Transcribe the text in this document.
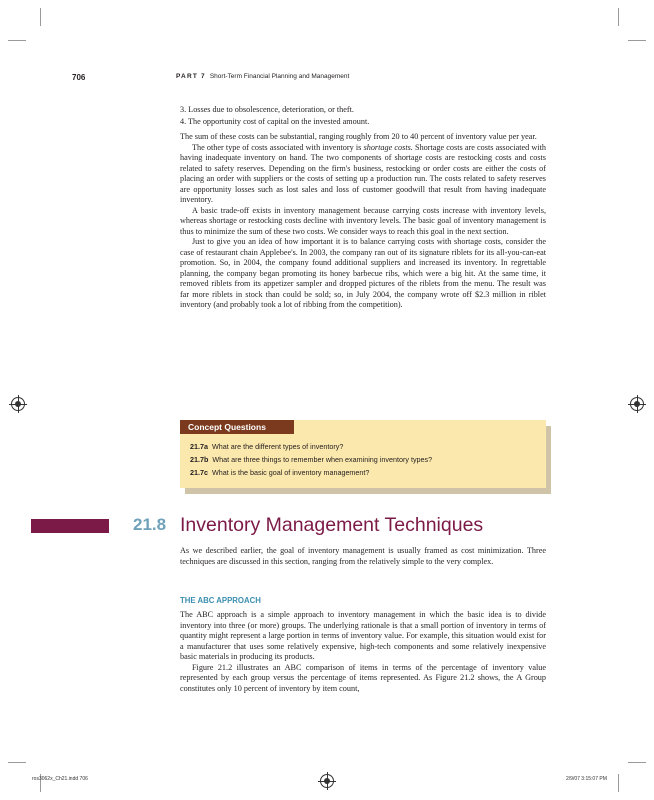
706	PART 7 Short-Term Financial Planning and Management
3. Losses due to obsolescence, deterioration, or theft.
4. The opportunity cost of capital on the invested amount.

The sum of these costs can be substantial, ranging roughly from 20 to 40 percent of inventory value per year.

The other type of costs associated with inventory is shortage costs. Shortage costs are costs associated with having inadequate inventory on hand. The two components of shortage costs are restocking costs and costs related to safety reserves. Depending on the firm's business, restocking or order costs are either the costs of placing an order with suppliers or the costs of setting up a production run. The costs related to safety reserves are opportunity losses such as lost sales and loss of customer goodwill that result from having inadequate inventory.

A basic trade-off exists in inventory management because carrying costs increase with inventory levels, whereas shortage or restocking costs decline with inventory levels. The basic goal of inventory management is thus to minimize the sum of these two costs. We consider ways to reach this goal in the next section.

Just to give you an idea of how important it is to balance carrying costs with shortage costs, consider the case of restaurant chain Applebee's. In 2003, the company ran out of its signature riblets for its all-you-can-eat promotion. So, in 2004, the company found additional suppliers and increased its inventory. In regrettable planning, the company began promoting its honey barbecue ribs, which were a big hit. At the same time, it removed riblets from its appetizer sampler and dropped pictures of the riblets from the menu. The result was far more riblets in stock than could be sold; so, in July 2004, the company wrote off $2.3 million in riblet inventory (and probably took a lot of ribbing from the competition).

Concept Questions
21.7a What are the different types of inventory?
21.7b What are three things to remember when examining inventory types?
21.7c What is the basic goal of inventory management?
21.8 Inventory Management Techniques

As we described earlier, the goal of inventory management is usually framed as cost minimization. Three techniques are discussed in this section, ranging from the relatively simple to the very complex.

THE ABC APPROACH

The ABC approach is a simple approach to inventory management in which the basic idea is to divide inventory into three (or more) groups. The underlying rationale is that a small portion of inventory in terms of quantity might represent a large portion in terms of inventory value. For example, this situation would exist for a manufacturer that uses some relatively expensive, high-tech components and some relatively inexpensive basic materials in producing its products.

Figure 21.2 illustrates an ABC comparison of items in terms of the percentage of inventory value represented by each group versus the percentage of items represented. As Figure 21.2 shows, the A Group constitutes only 10 percent of inventory by item count,

ros3062x_Ch21.indd 706	2/9/07 3:15:07 PM
